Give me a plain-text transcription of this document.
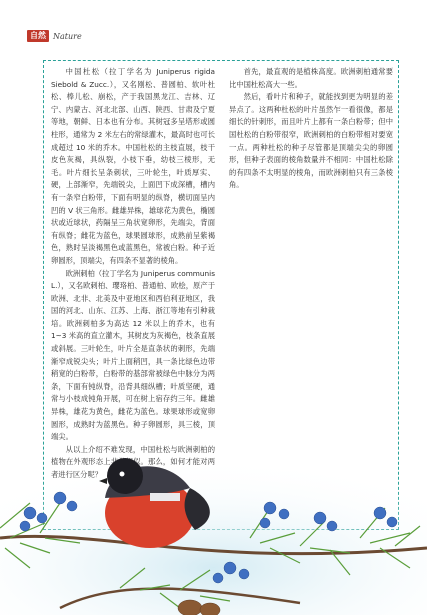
自然 Nature

中国杜松（拉丁学名为 Juniperus rigida Siebold & Zucc.），又名刚松、普圆柏、软叶杜松、棒儿松、崩松，产于我国黑龙江、吉林、辽宁、内蒙古、河北北部、山西、陕西、甘肃及宁夏等地，朝鲜、日本也有分布。其树冠多呈塔形或圆柱形，通常为 2 米左右的常绿灌木，最高时也可长成超过 10 米的乔木。中国杜松的主枝直展，枝干皮色灰褐，具纵裂，小枝下垂，幼枝三棱形，无毛。叶片细长呈条刺状，三叶轮生，叶质厚实、硬，上部渐窄，先端锐尖，上面凹下成深槽，槽内有一条窄白粉带，下面有明显的纵脊，横切面呈内凹的 V 状三角形。雌雄异株，雄球花为黄色，椭圆状或近球状，药隔呈三角状宽卵形，先端尖，背面有纵脊；雌花为蓝色，球果圆球形，成熟前呈紫褐色，熟时呈淡褐黑色或蓝黑色，常被白粉。种子近卵圆形，顶端尖，有四条不显著的棱角。

欧洲刺柏（拉丁学名为 Juniperus communis L.），又名欧刺柏、璎珞柏、普通柏、欧桧，原产于欧洲、北非、北美及中亚地区和西伯利亚地区，我国的河北、山东、江苏、上海、浙江等地有引种栽培。欧洲刺柏多为高达 12 米以上的乔木，也有 1~3 米高的直立灌木，其树皮为灰褐色，枝条直展或斜展。三叶轮生，叶片全是直条状的刺形，先端渐窄成锐尖头；叶片上面稍凹，具一条比绿色边带稍宽的白粉带，白粉带的基部常被绿色中脉分为两条，下面有钝纵脊，沿背具细纵槽；叶质坚硬，通常与小枝成钝角开展，可在树上宿存约三年。雌雄异株，雄花为黄色，雌花为蓝色。球果球形或宽卵圆形，成熟时为蓝黑色。种子卵圆形，具三棱，顶端尖。

从以上介绍不难发现，中国杜松与欧洲刺柏的

首先，最直观的是植株高度。欧洲刺柏通常要比中国杜松高大一些。

然后，看叶片和种子，就能找到更为明显的差异点了。这两种杜松的叶片虽然乍一看很像，都是细长的针刺形，而且叶片上都有一条白粉带；但中国杜松的白粉带很窄，欧洲刺柏的白粉带相对要宽一点。两种杜松的种子尽管都是顶端尖尖的卵圆形，但种子表面的棱角数量并不相同：中国杜松除的有四条不太明显的棱角，而欧洲刺柏只有三条棱角。
